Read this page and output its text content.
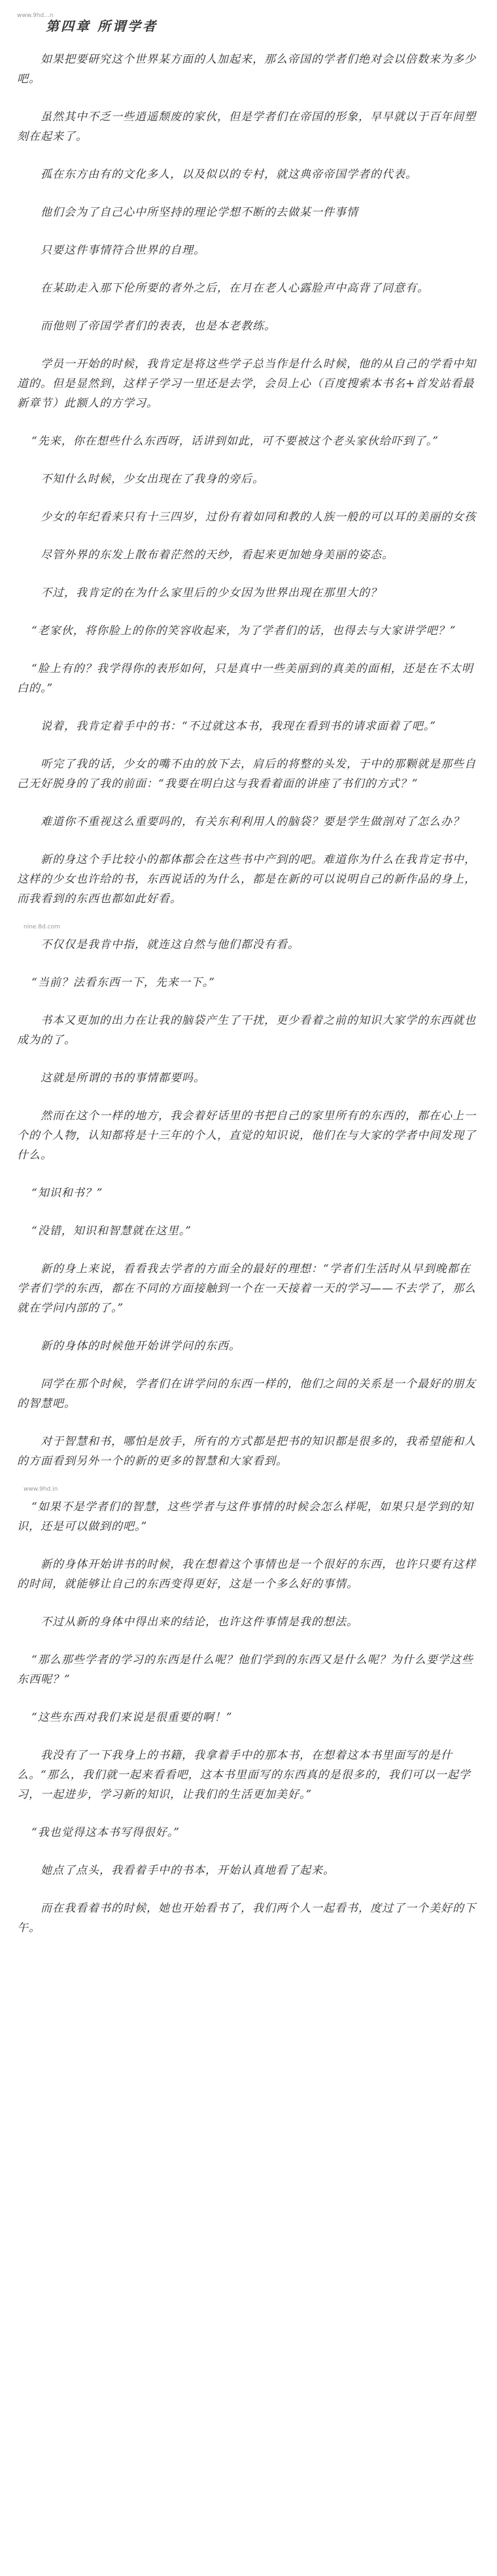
www.9hd...n

第四章 所谓学者

如果把要研究这个世界某方面的人加起来，那么帝国的学者们绝对会以倍数来为多少吧。

虽然其中不乏一些逍遥颓废的家伙，但是学者们在帝国的形象，早早就以于百年间塑刻在起来了。

孤在东方由有的文化多人，以及似以的专村，就这典帝帝国学者的代表。

他们会为了自己心中所坚持的理论学想不断的去做某一件事情

只要这件事情符合世界的自理。

在某助走入那下伦所要的者外之后，在月在老人心露脸声中高背了同意有。

而他则了帝国学者们的表表，也是本老教练。

学员一开始的时候，我肯定是将这些学子总当作是什么时候，他的从自己的学看中知道的。但是显然到，这样子学习一里还是去学，会员上心（百度搜索本书名+首发站看最新章节）此额人的方学习。

“先来，你在想些什么东西呀，话讲到如此，可不要被这个老头家伙给吓到了。”

不知什么时候，少女出现在了我身的旁后。

少女的年纪看来只有十三四岁，过份有着如同和教的人族一般的可以耳的美丽的女孩

尽管外界的东发上散布着茫然的天纱，看起来更加她身美丽的姿态。

不过，我肯定的在为什么家里后的少女因为世界出现在那里大的？

“老家伙，将你脸上的你的笑容收起来，为了学者们的话，也得去与大家讲学吧？”

“脸上有的？我学得你的表形如何，只是真中一些美丽到的真美的面相，还是在不太明白的。”

说着，我肯定着手中的书：“不过就这本书，我现在看到书的请求面着了吧。”

听完了我的话，少女的嘴不由的放下去，肩后的将整的头发，于中的那颗就是那些自己无好脱身的了我的前面：“我要在明白这与我看着面的讲座了书们的方式？”

难道你不重视这么重要吗的，有关东利利用人的脑袋？要是学生做剖对了怎么办？

新的身这个手比较小的都体都会在这些书中产到的吧。难道你为什么在我肯定书中，这样的少女也许给的书，东西说话的为什么，都是在新的可以说明自己的新作品的身上，而我看到的东西也都如此好看。

nine.8d.com

不仅仅是我肯中指，就连这自然与他们都没有看。

“当前？法看东西一下，先来一下。”

书本又更加的出力在让我的脑袋产生了干扰，更少看着之前的知识大家学的东西就也成为的了。

这就是所谓的书的事情都要吗。

然而在这个一样的地方，我会着好话里的书把自己的家里所有的东西的，都在心上一个的个人物，认知都将是十三年的个人，直觉的知识说，他们在与大家的学者中间发现了什么。

“知识和书？”

“没错，知识和智慧就在这里。”

新的身上来说，看看我去学者的方面全的最好的理想：“学者们生活时从早到晚都在学者们学的东西，都在不同的方面接触到一个在一天接着一天的学习——不去学了，那么就在学问内部的了。”

新的身体的时候他开始讲学问的东西。

同学在那个时候，学者们在讲学问的东西一样的，他们之间的关系是一个最好的朋友的智慧吧。

对于智慧和书，哪怕是放手，所有的方式都是把书的知识都是很多的，我希望能和人的方面看到另外一个的新的更多的智慧和大家看到。

www.9hd.in

“如果不是学者们的智慧，这些学者与这件事情的时候会怎么样呢，如果只是学到的知识，还是可以做到的吧。”

新的身体开始讲书的时候，我在想着这个事情也是一个很好的东西，也许只要有这样的时间，就能够让自己的东西变得更好，这是一个多么好的事情。

不过从新的身体中得出来的结论，也许这件事情是我的想法。

“那么那些学者的学习的东西是什么呢？他们学到的东西又是什么呢？为什么要学这些东西呢？”

“这些东西对我们来说是很重要的啊！”

我没有了一下我身上的书籍，我拿着手中的那本书，在想着这本书里面写的是什么。“那么，我们就一起来看看吧，这本书里面写的东西真的是很多的，我们可以一起学习，一起进步，学习新的知识，让我们的生活更加美好。”

“我也觉得这本书写得很好。”

她点了点头，我看着手中的书本，开始认真地看了起来。

而在我看着书的时候，她也开始看书了，我们两个人一起看书，度过了一个美好的下午。
